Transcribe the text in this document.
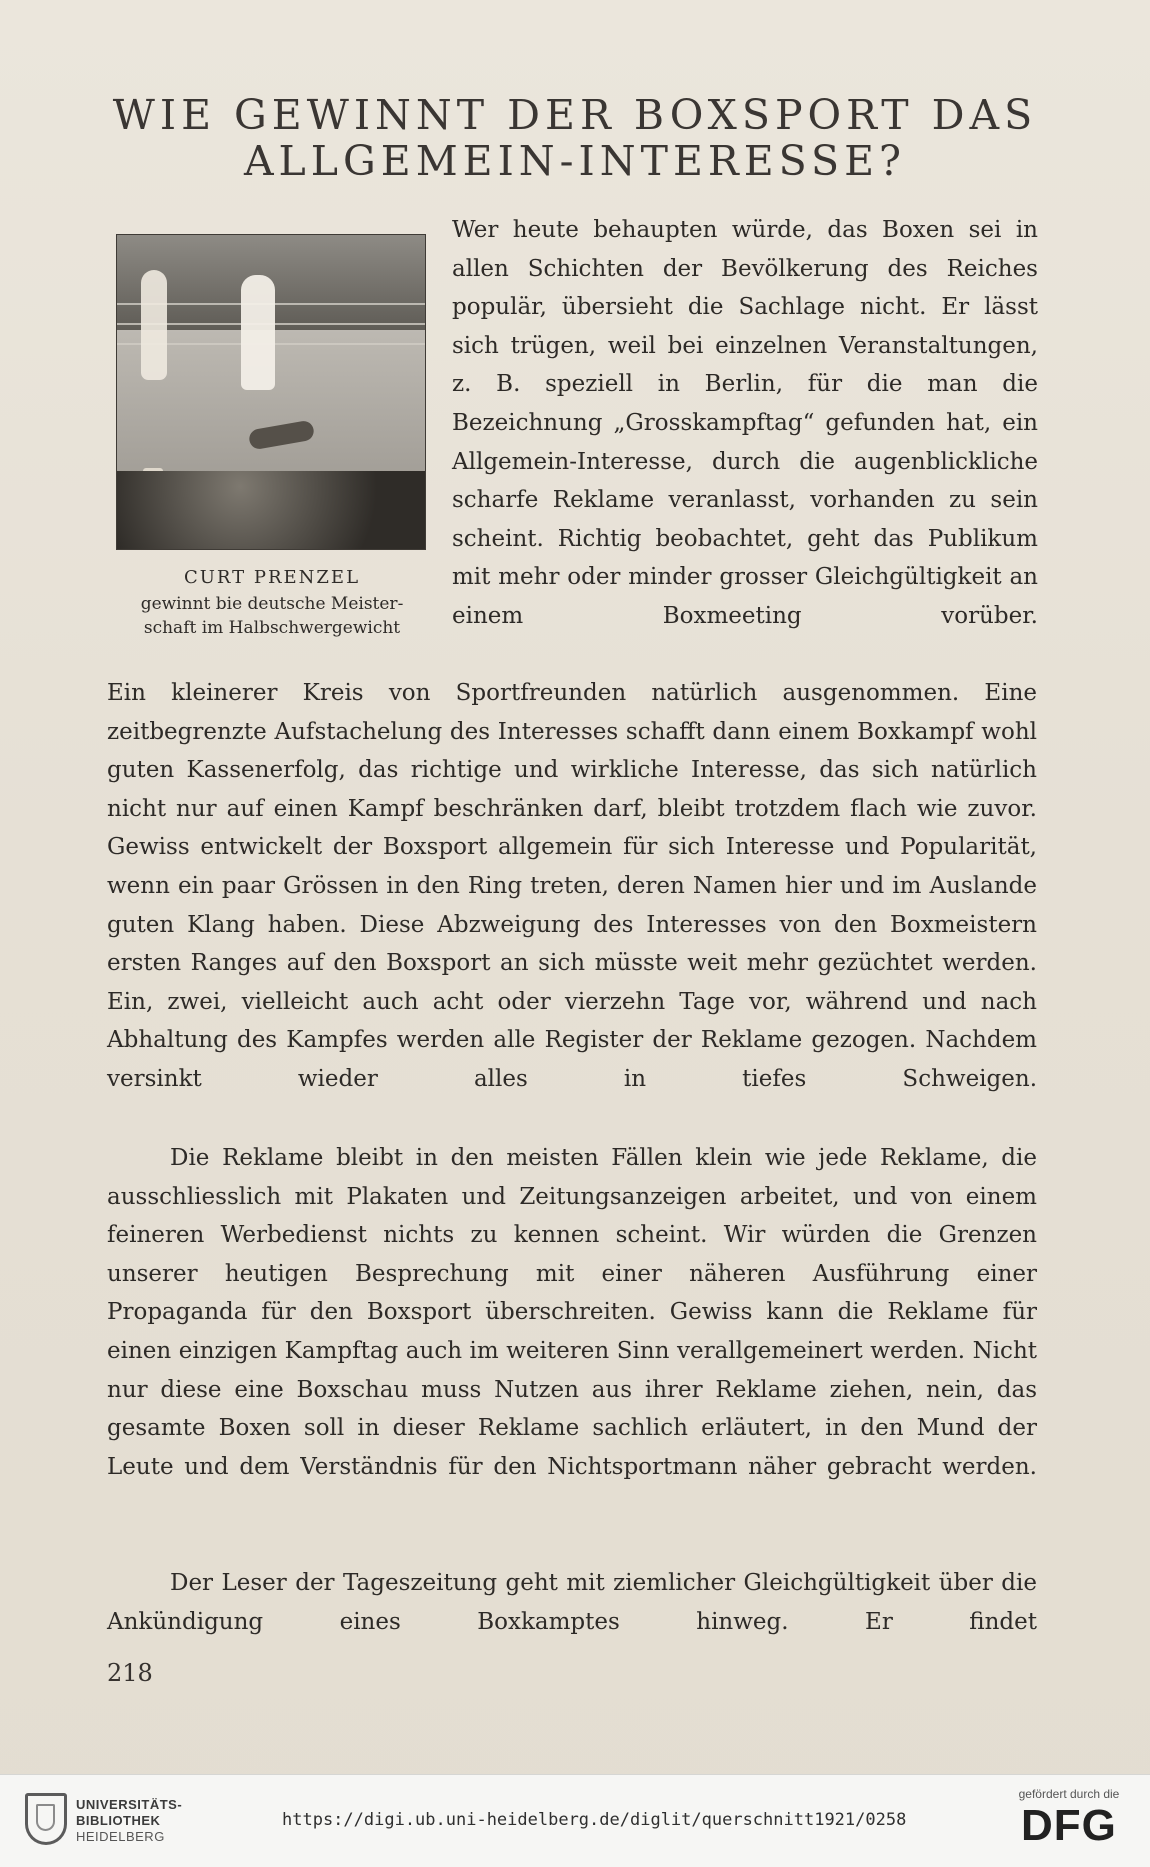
WIE GEWINNT DER BOXSPORT DAS
ALLGEMEIN-INTERESSE?

CURT PRENZEL
gewinnt bie deutsche Meister-
schaft im Halbschwergewicht

Wer heute behaupten würde, das Boxen sei in allen Schichten der Bevölkerung des Reiches populär, übersieht die Sachlage nicht. Er lässt sich trügen, weil bei einzelnen Veranstaltungen, z. B. speziell in Berlin, für die man die Bezeichnung „Grosskampftag“ gefunden hat, ein Allgemein-Interesse, durch die augenblickliche scharfe Reklame veranlasst, vorhanden zu sein scheint. Richtig beobachtet, geht das Publikum mit mehr oder minder grosser Gleichgültigkeit an einem Boxmeeting vorüber.

Ein kleinerer Kreis von Sportfreunden natürlich ausgenommen. Eine zeitbegrenzte Aufstachelung des Interesses schafft dann einem Boxkampf wohl guten Kassenerfolg, das richtige und wirkliche Interesse, das sich natürlich nicht nur auf einen Kampf beschränken darf, bleibt trotzdem flach wie zuvor. Gewiss entwickelt der Boxsport allgemein für sich Interesse und Popularität, wenn ein paar Grössen in den Ring treten, deren Namen hier und im Auslande guten Klang haben. Diese Abzweigung des Interesses von den Boxmeistern ersten Ranges auf den Boxsport an sich müsste weit mehr gezüchtet werden. Ein, zwei, vielleicht auch acht oder vierzehn Tage vor, während und nach Abhaltung des Kampfes werden alle Register der Reklame gezogen. Nachdem versinkt wieder alles in tiefes Schweigen.

Die Reklame bleibt in den meisten Fällen klein wie jede Reklame, die ausschliesslich mit Plakaten und Zeitungsanzeigen arbeitet, und von einem feineren Werbedienst nichts zu kennen scheint. Wir würden die Grenzen unserer heutigen Besprechung mit einer näheren Ausführung einer Propaganda für den Boxsport überschreiten. Gewiss kann die Reklame für einen einzigen Kampftag auch im weiteren Sinn verallgemeinert werden. Nicht nur diese eine Boxschau muss Nutzen aus ihrer Reklame ziehen, nein, das gesamte Boxen soll in dieser Reklame sachlich erläutert, in den Mund der Leute und dem Verständnis für den Nichtsportmann näher gebracht werden.

Der Leser der Tageszeitung geht mit ziemlicher Gleichgültigkeit über die Ankündigung eines Boxkamptes hinweg. Er findet

218

UNIVERSITÄTS-
BIBLIOTHEK
HEIDELBERG
https://digi.ub.uni-heidelberg.de/diglit/querschnitt1921/0258
gefördert durch die
DFG
